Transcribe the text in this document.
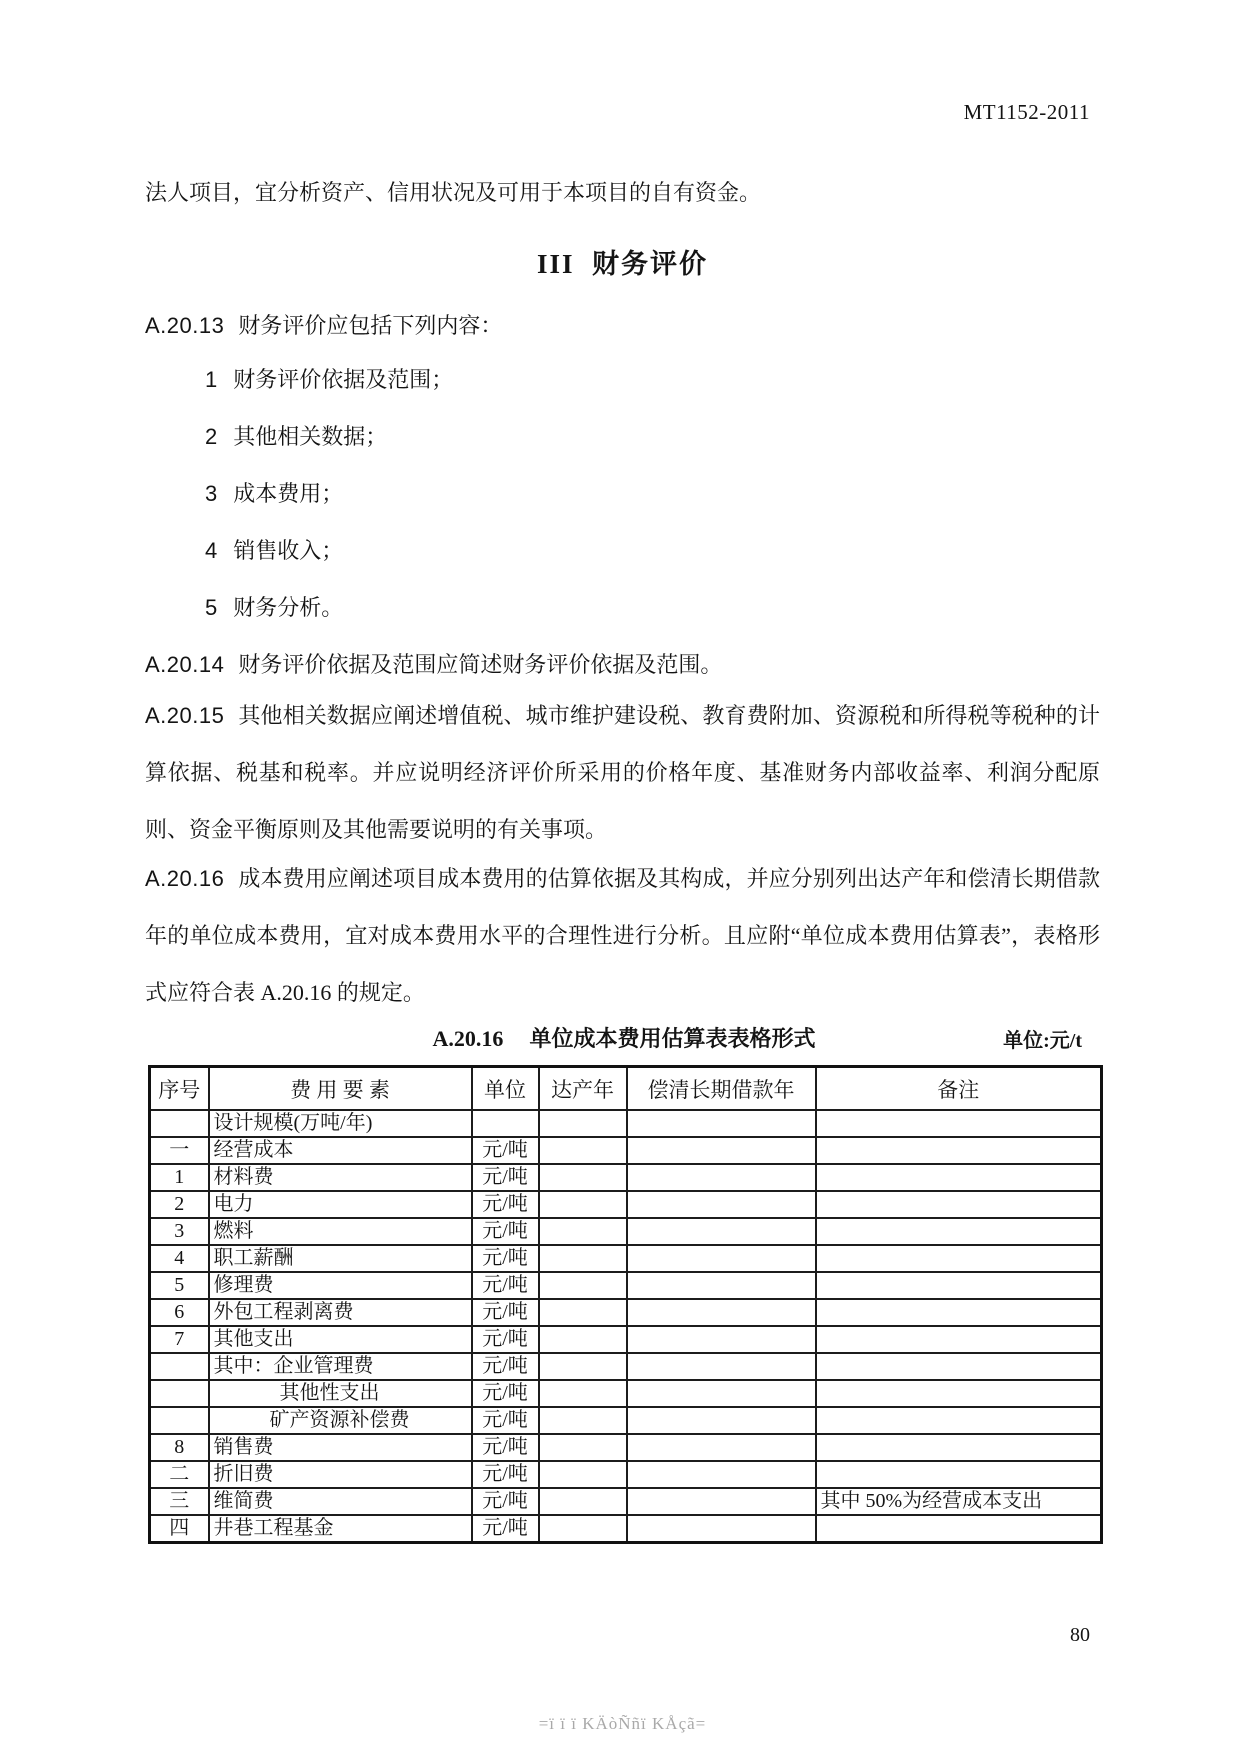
MT1152-2011
法人项目，宜分析资产、信用状况及可用于本项目的自有资金。
III  财务评价
A.20.13 财务评价应包括下列内容：
1 财务评价依据及范围；
2 其他相关数据；
3 成本费用；
4 销售收入；
5 财务分析。
A.20.14 财务评价依据及范围应简述财务评价依据及范围。
A.20.15 其他相关数据应阐述增值税、城市维护建设税、教育费附加、资源税和所得税等税种的计算依据、税基和税率。并应说明经济评价所采用的价格年度、基准财务内部收益率、利润分配原则、资金平衡原则及其他需要说明的有关事项。
A.20.16 成本费用应阐述项目成本费用的估算依据及其构成，并应分别列出达产年和偿清长期借款年的单位成本费用，宜对成本费用水平的合理性进行分析。且应附“单位成本费用估算表”，表格形式应符合表 A.20.16 的规定。
A.20.16 单位成本费用估算表表格形式	单位:元/t
序号	费 用 要 素	单位	达产年	偿清长期借款年	备注
	设计规模(万吨/年)				
一	经营成本	元/吨			
1	材料费	元/吨			
2	电力	元/吨			
3	燃料	元/吨			
4	职工薪酬	元/吨			
5	修理费	元/吨			
6	外包工程剥离费	元/吨			
7	其他支出	元/吨			
	其中：企业管理费	元/吨			
	其他性支出	元/吨			
	矿产资源补偿费	元/吨			
8	销售费	元/吨			
二	折旧费	元/吨			
三	维简费	元/吨			其中 50%为经营成本支出
四	井巷工程基金	元/吨			
80
=ï ï ï KÄòÑñï KÅçã=
